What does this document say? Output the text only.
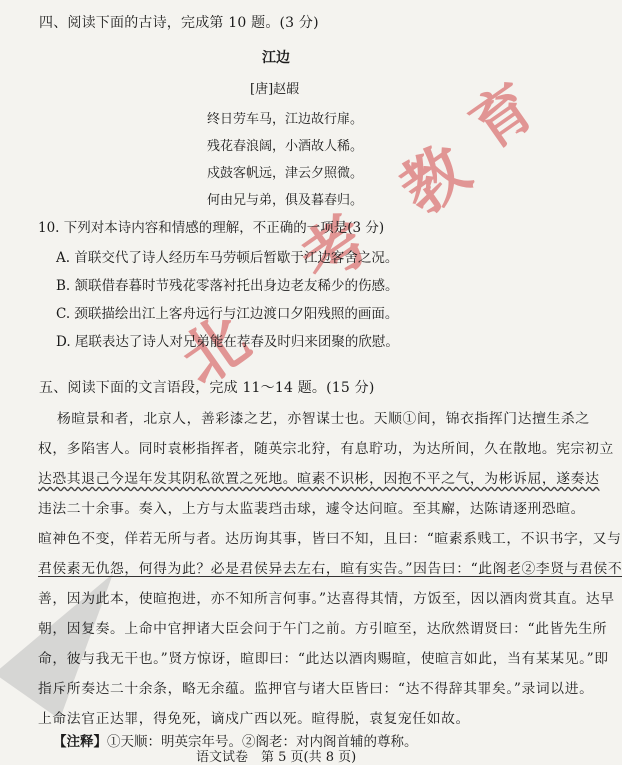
北
考
教
育
四、阅读下面的古诗，完成第 10 题。(3 分)
江边
[唐]赵嘏
终日劳车马，江边故行扉。
残花春浪阔，小酒故人稀。
戍鼓客帆远，津云夕照微。
何由兄与弟，俱及暮春归。
10. 下列对本诗内容和情感的理解，不正确的一项是(3 分)
A. 首联交代了诗人经历车马劳顿后暂歇于江边客舍之况。
B. 颔联借春暮时节残花零落衬托出身边老友稀少的伤感。
C. 颈联描绘出江上客舟远行与江边渡口夕阳残照的画面。
D. 尾联表达了诗人对兄弟能在荐春及时归来团聚的欣慰。
五、阅读下面的文言语段，完成 11～14 题。(15 分)
杨暄景和者，北京人，善彩漆之艺，亦智谋士也。天顺①间，锦衣指挥门达擅生杀之
权，多陷害人。同时袁彬指挥者，随英宗北狩，有息聍功，为达所间，久在散地。宪宗初立
达恐其退己今逞年发其阴私欲置之死地。暄素不识彬，因抱不平之气，为彬诉屈，遂奏达
违法二十余事。奏入，上方与太监裴珰击球，遽令达问暄。至其廨，达陈请逐刑恐暄。
暄神色不变，佯若无所与者。达历询其事，皆曰不知，且曰：“暄素系贱工，不识书字，又与
君侯素无仇怨，何得为此？必是君侯异去左右，暄有实告。”因告曰：“此阁老②李贤与君侯不
善，因为此本，使暄抱进，亦不知所言何事。”达喜得其情，方饭至，因以酒肉赏其直。达早
朝，因复奏。上命中官押诸大臣会问于午门之前。方引暄至，达欣然谓贤曰：“此皆先生所
命，彼与我无干也。”贤方惊讶，暄即曰：“此达以酒肉赐暄，使暄言如此，当有某某见。”即
指斥所奏达二十余条，略无余蕴。监押官与诸大臣皆曰：“达不得辞其罪矣。”录词以进。
上命法官正达罪，得免死，谪戍广西以死。暄得脱，袁复宠任如故。
【注释】①天顺：明英宗年号。②阁老：对内阁首辅的尊称。
语文试卷　第 5 页(共 8 页)
